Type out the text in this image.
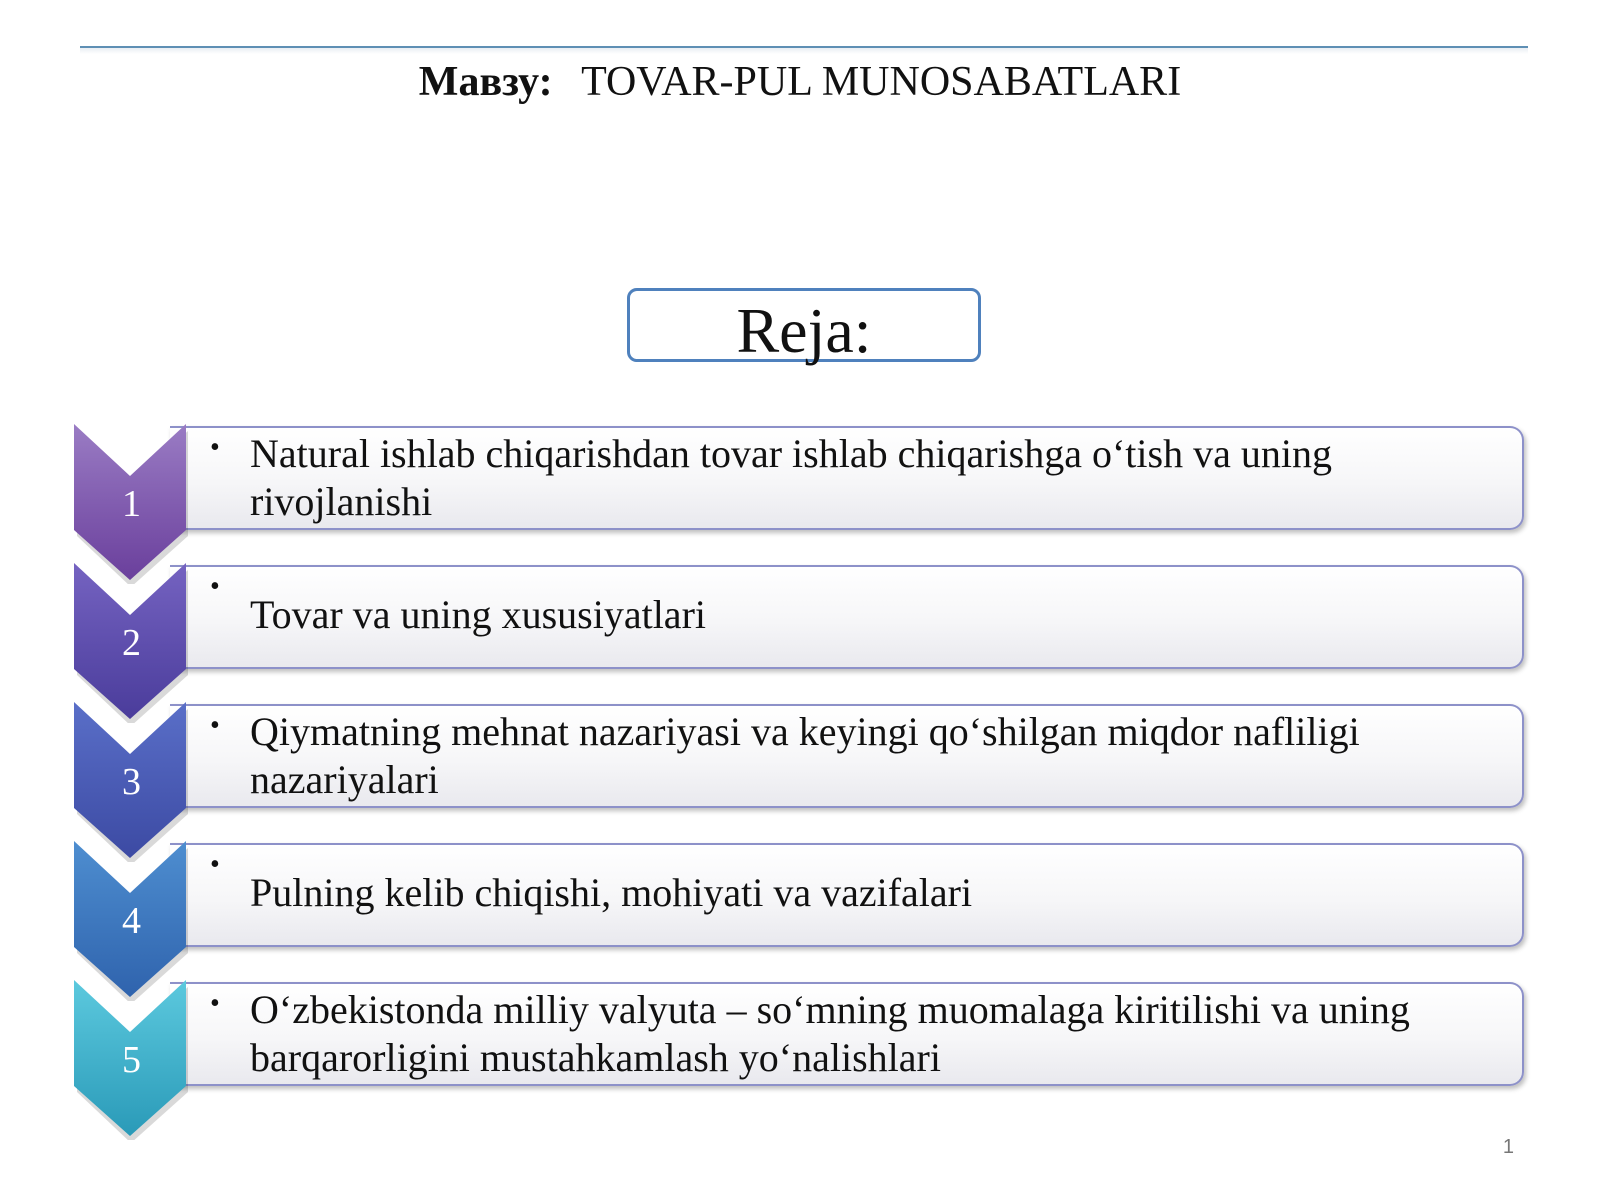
Мавзу: TOVAR-PUL MUNOSABATLARI
Reja:
• Natural ishlab chiqarishdan tovar ishlab chiqarishga o‘tish va uning rivojlanishi
1
•
Tovar va uning xususiyatlari
2
• Qiymatning mehnat nazariyasi va keyingi qo‘shilgan miqdor nafliligi nazariyalari
3
•
Pulning kelib chiqishi, mohiyati va vazifalari
4
• O‘zbekistonda milliy valyuta – so‘mning muomalaga kiritilishi va uning barqarorligini mustahkamlash yo‘nalishlari
5
1
